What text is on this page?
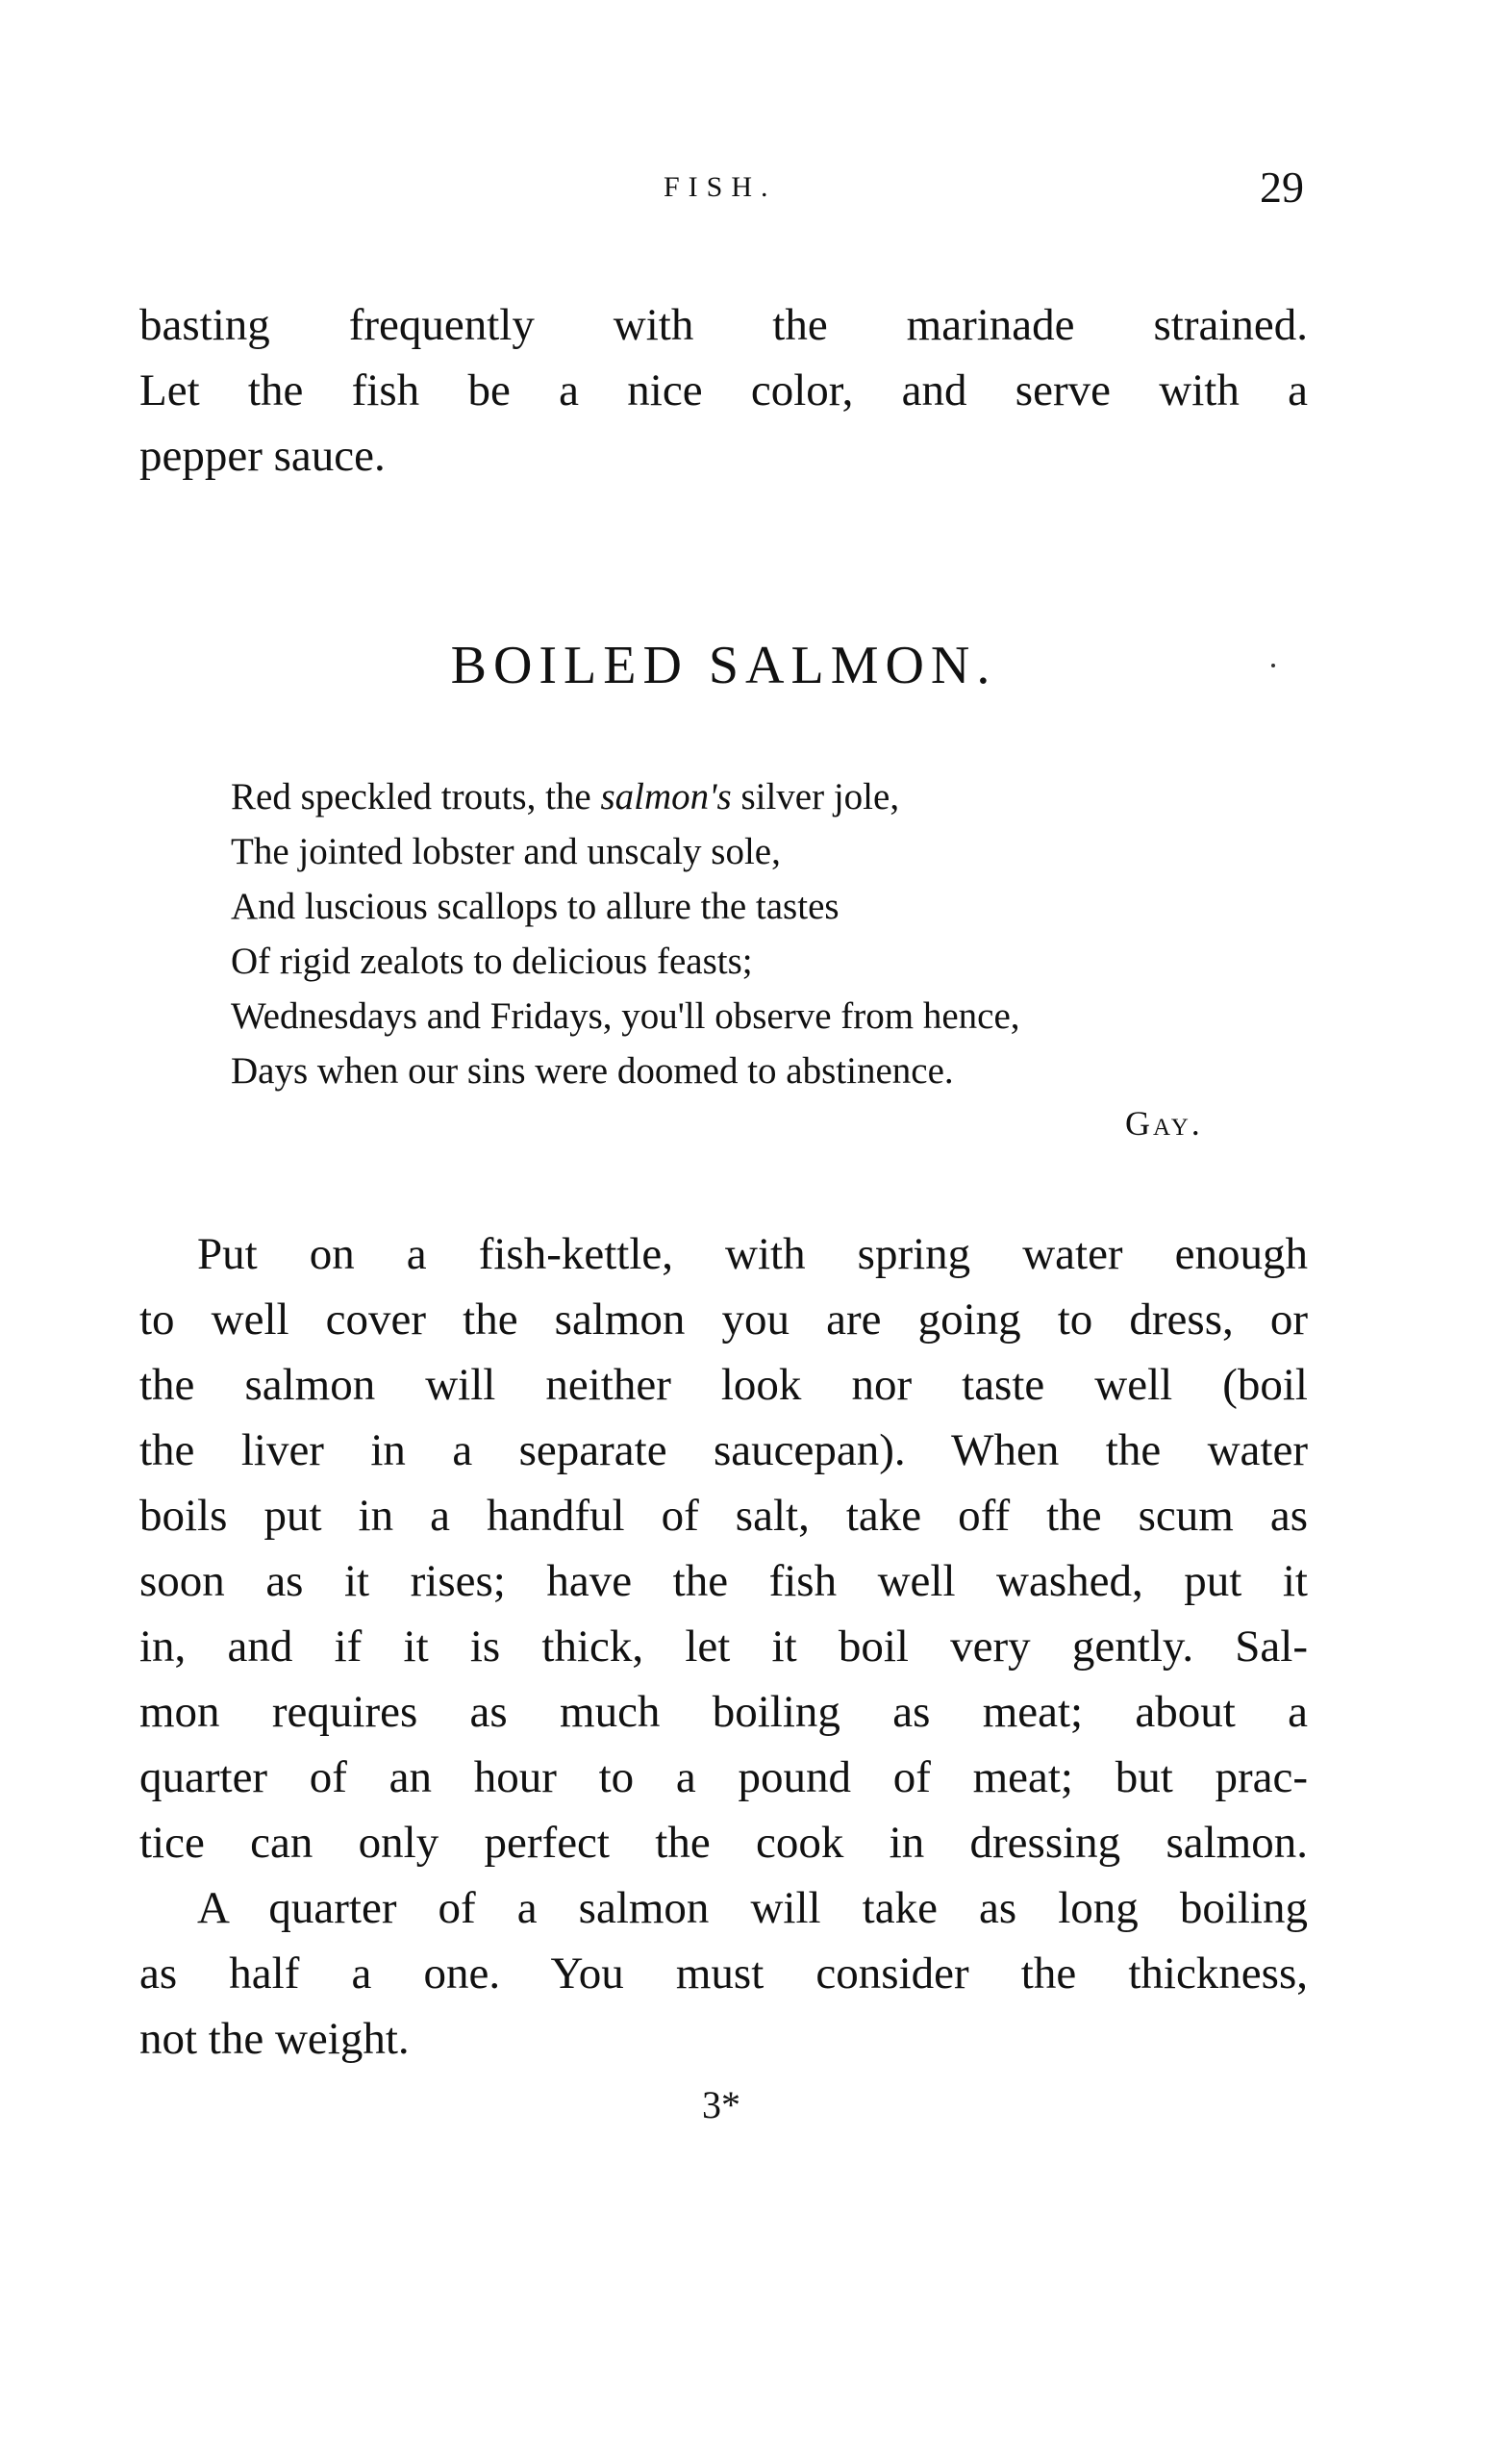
FISH.	29
basting frequently with the marinade strained.
Let the fish be a nice color, and serve with a
pepper sauce.
BOILED SALMON.
Red speckled trouts, the salmon's silver jole,
The jointed lobster and unscaly sole,
And luscious scallops to allure the tastes
Of rigid zealots to delicious feasts;
Wednesdays and Fridays, you'll observe from hence,
Days when our sins were doomed to abstinence.
Gay.
Put on a fish-kettle, with spring water enough
to well cover the salmon you are going to dress, or
the salmon will neither look nor taste well (boil
the liver in a separate saucepan). When the water
boils put in a handful of salt, take off the scum as
soon as it rises; have the fish well washed, put it
in, and if it is thick, let it boil very gently. Sal-
mon requires as much boiling as meat; about a
quarter of an hour to a pound of meat; but prac-
tice can only perfect the cook in dressing salmon.
A quarter of a salmon will take as long boiling
as half a one. You must consider the thickness,
not the weight.
3*
